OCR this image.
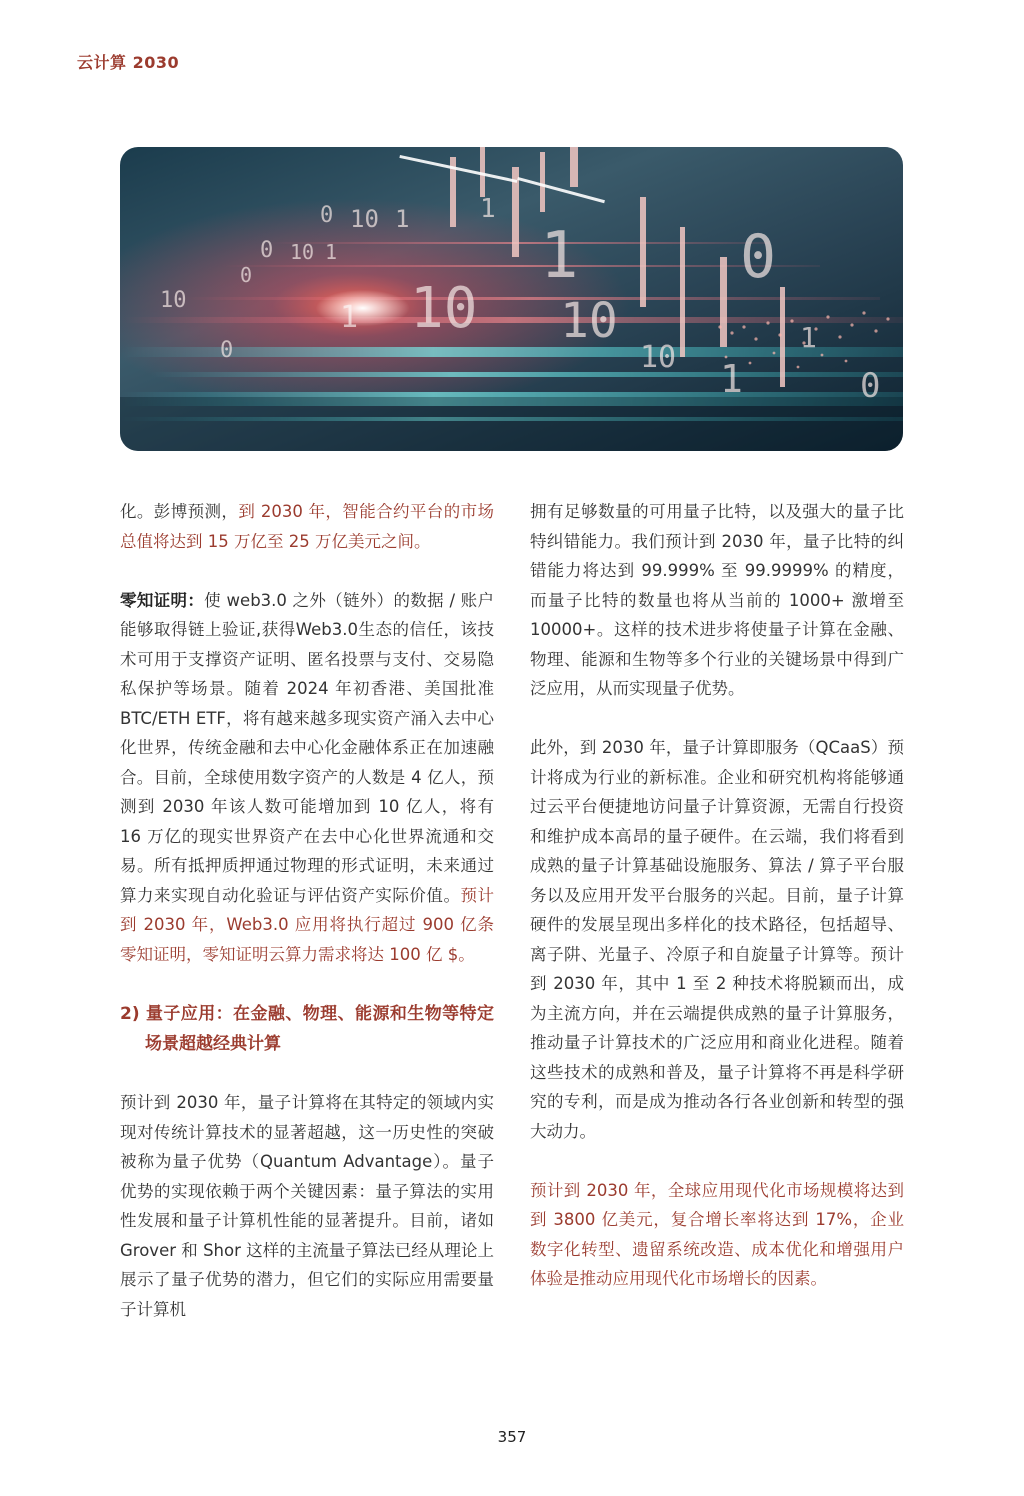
云计算 2030

化。彭博预测，到 2030 年，智能合约平台的市场总值将达到 15 万亿至 25 万亿美元之间。

零知证明：使 web3.0 之外（链外）的数据 / 账户能够取得链上验证,获得Web3.0生态的信任，该技术可用于支撑资产证明、匿名投票与支付、交易隐私保护等场景。随着 2024 年初香港、美国批准 BTC/ETH ETF，将有越来越多现实资产涌入去中心化世界，传统金融和去中心化金融体系正在加速融合。目前，全球使用数字资产的人数是 4 亿人，预测到 2030 年该人数可能增加到 10 亿人，将有 16 万亿的现实世界资产在去中心化世界流通和交易。所有抵押质押通过物理的形式证明，未来通过算力来实现自动化验证与评估资产实际价值。预计到 2030 年，Web3.0 应用将执行超过 900 亿条零知证明，零知证明云算力需求将达 100 亿 $。

2) 量子应用：在金融、物理、能源和生物等特定场景超越经典计算

预计到 2030 年，量子计算将在其特定的领域内实现对传统计算技术的显著超越，这一历史性的突破被称为量子优势（Quantum Advantage）。量子优势的实现依赖于两个关键因素：量子算法的实用性发展和量子计算机性能的显著提升。目前，诸如 Grover 和 Shor 这样的主流量子算法已经从理论上展示了量子优势的潜力，但它们的实际应用需要量子计算机

拥有足够数量的可用量子比特，以及强大的量子比特纠错能力。我们预计到 2030 年，量子比特的纠错能力将达到 99.999% 至 99.9999% 的精度，而量子比特的数量也将从当前的 1000+ 激增至 10000+。这样的技术进步将使量子计算在金融、物理、能源和生物等多个行业的关键场景中得到广泛应用，从而实现量子优势。

此外，到 2030 年，量子计算即服务（QCaaS）预计将成为行业的新标准。企业和研究机构将能够通过云平台便捷地访问量子计算资源，无需自行投资和维护成本高昂的量子硬件。在云端，我们将看到成熟的量子计算基础设施服务、算法 / 算子平台服务以及应用开发平台服务的兴起。目前，量子计算硬件的发展呈现出多样化的技术路径，包括超导、离子阱、光量子、冷原子和自旋量子计算等。预计到 2030 年，其中 1 至 2 种技术将脱颖而出，成为主流方向，并在云端提供成熟的量子计算服务，推动量子计算技术的广泛应用和商业化进程。随着这些技术的成熟和普及，量子计算将不再是科学研究的专利，而是成为推动各行各业创新和转型的强大动力。

预计到 2030 年，全球应用现代化市场规模将达到到 3800 亿美元，复合增长率将达到 17%，企业数字化转型、遗留系统改造、成本优化和增强用户体验是推动应用现代化市场增长的因素。

357
